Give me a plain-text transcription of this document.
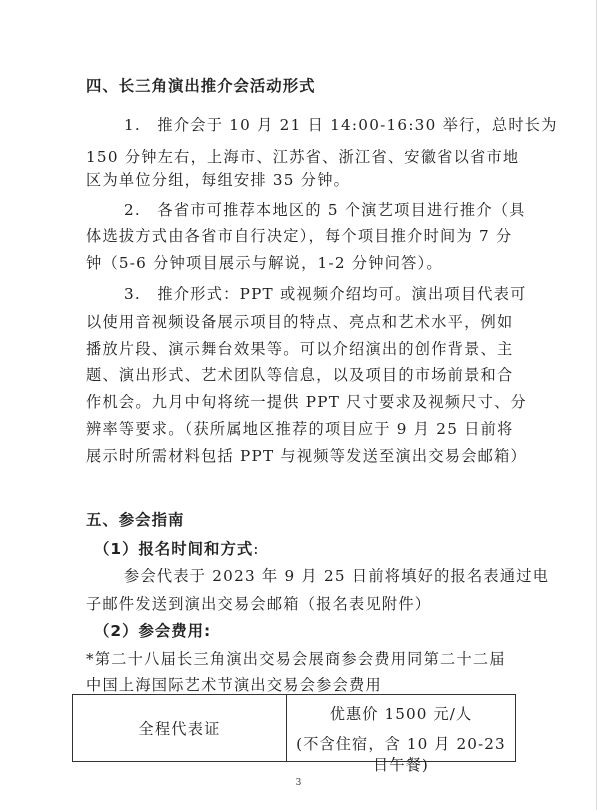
四、长三角演出推介会活动形式
1.　推介会于 10 月 21 日 14:00-16:30 举行，总时长为
150 分钟左右，上海市、江苏省、浙江省、安徽省以省市地
区为单位分组，每组安排 35 分钟。
2.　各省市可推荐本地区的 5 个演艺项目进行推介（具
体选拔方式由各省市自行决定），每个项目推介时间为 7 分
钟（5-6 分钟项目展示与解说，1-2 分钟问答）。
3.　推介形式：PPT 或视频介绍均可。演出项目代表可
以使用音视频设备展示项目的特点、亮点和艺术水平，例如
播放片段、演示舞台效果等。可以介绍演出的创作背景、主
题、演出形式、艺术团队等信息，以及项目的市场前景和合
作机会。九月中旬将统一提供 PPT 尺寸要求及视频尺寸、分
辨率等要求。（获所属地区推荐的项目应于 9 月 25 日前将
展示时所需材料包括 PPT 与视频等发送至演出交易会邮箱）
五、参会指南
（1）报名时间和方式:
参会代表于 2023 年 9 月 25 日前将填好的报名表通过电
子邮件发送到演出交易会邮箱（报名表见附件）
（2）参会费用:
*第二十八届长三角演出交易会展商参会费用同第二十二届
中国上海国际艺术节演出交易会参会费用
全程代表证
优惠价 1500 元/人
(不含住宿，含 10 月 20-23 日午餐)
3
